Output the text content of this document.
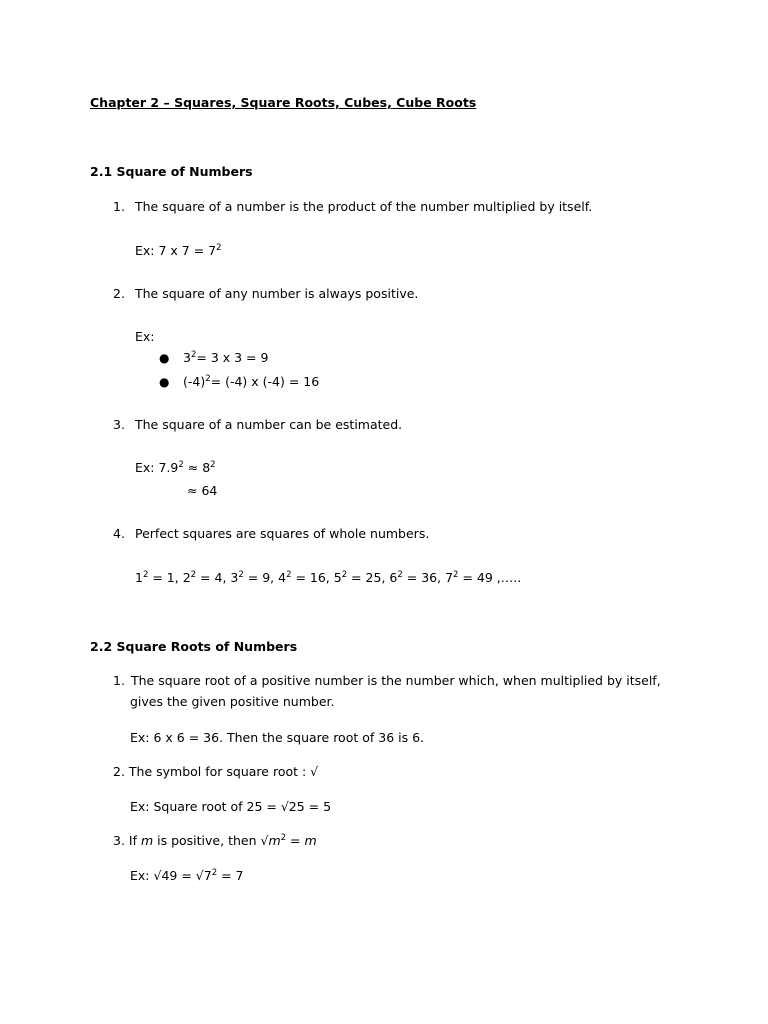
Chapter 2 – Squares, Square Roots, Cubes, Cube Roots
2.1 Square of Numbers
1. The square of a number is the product of the number multiplied by itself.
Ex: 7 x $7 = 7^2$
2. The square of any number is always positive.
Ex:
● $3^2= 3$ x 3 = 9
● $(-4)^2= (-4)$ x (-4) = 16
3. The square of a number can be estimated.
Ex: $7.9^2 \approx 8^2$
≈ 64
4. Perfect squares are squares of whole numbers.
$1^2 = 1$, $2^2 = 4$, $3^2 = 9$, $4^2 = 16$, $5^2 = 25$, $6^2 = 36$, $7^2 = 49$ ,…..
2.2 Square Roots of Numbers
1. The square root of a positive number is the number which, when multiplied by itself,
gives the given positive number.
Ex: 6 x 6 = 36. Then the square root of 36 is 6.
2. The symbol for square root : √
Ex: Square root of 25 = √25 = 5
3. If m is positive, then $√m^2 = m$
Ex: $√49 = √7^2 = 7$
